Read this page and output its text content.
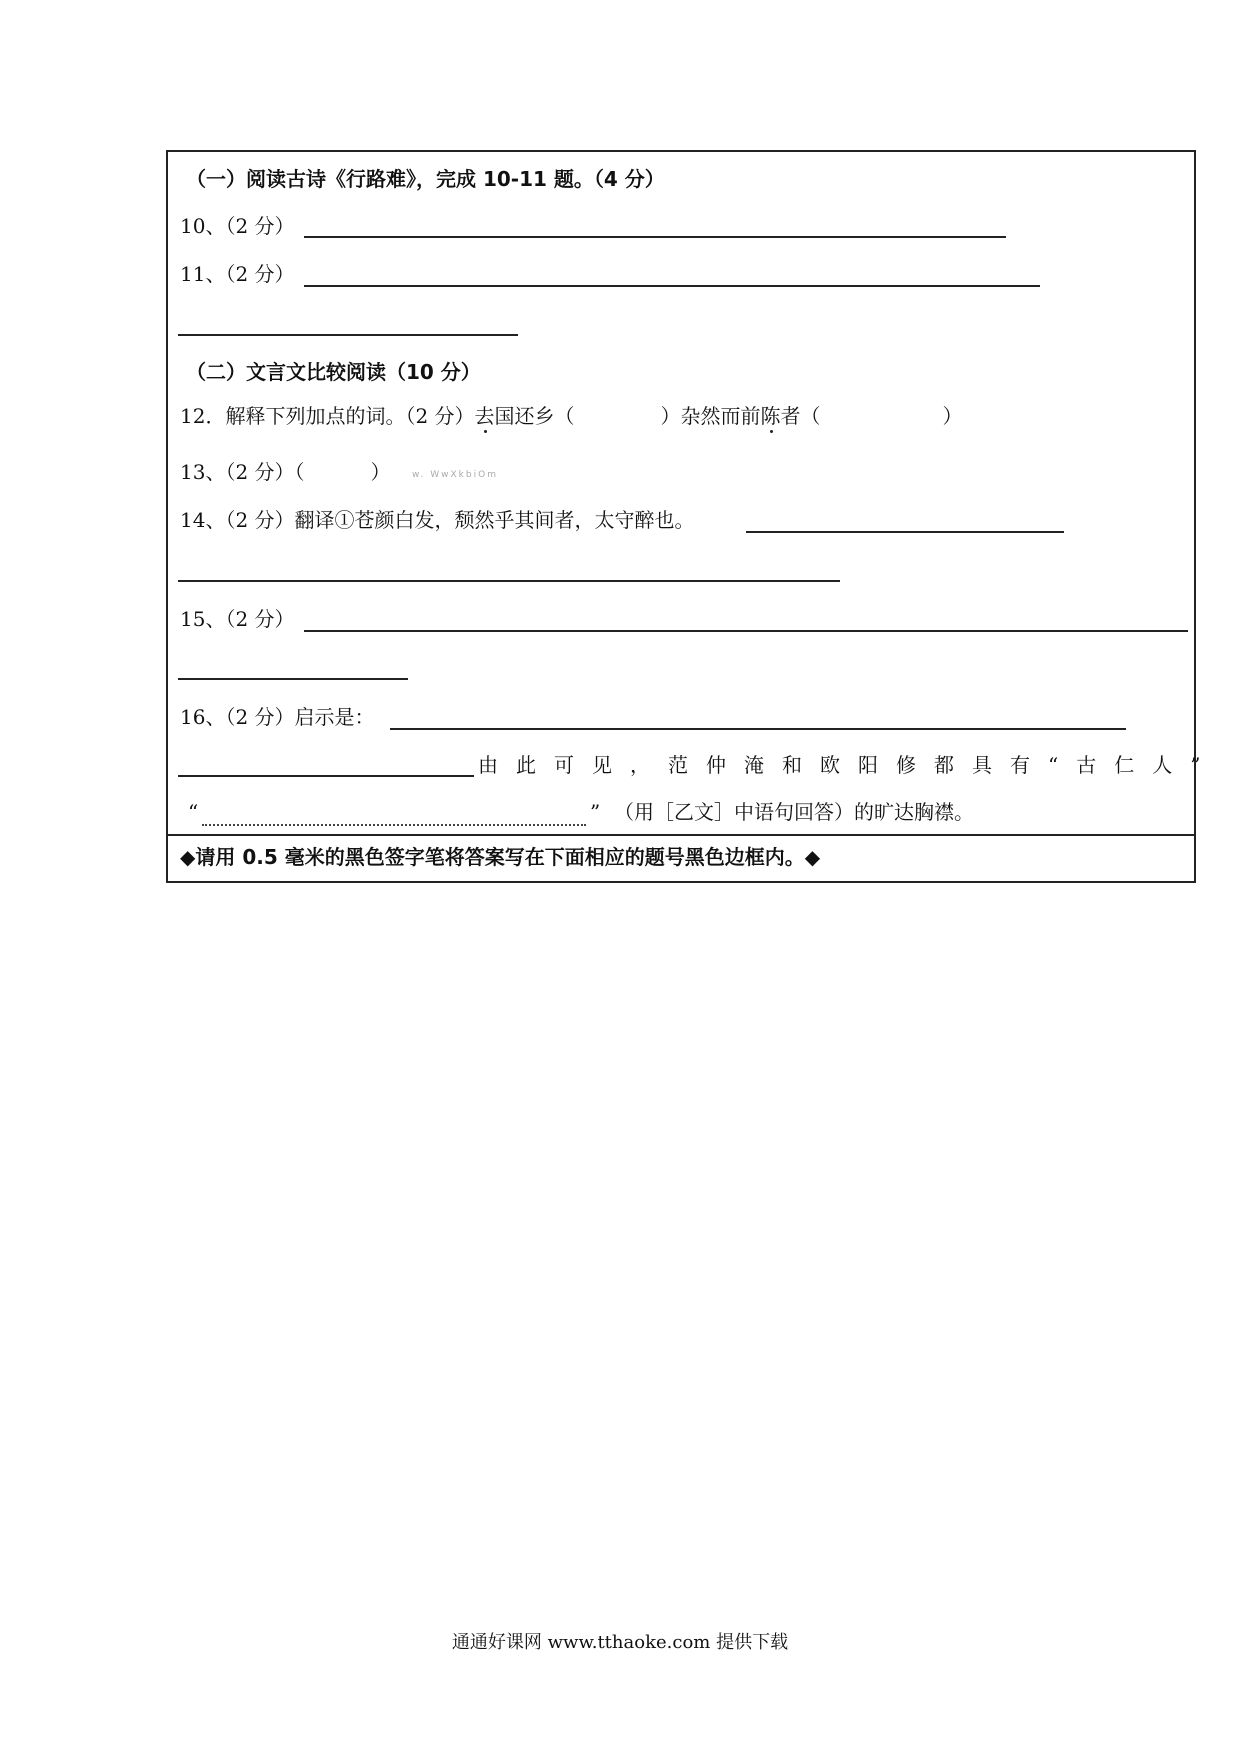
（一）阅读古诗《行路难》，完成 10-11 题。（4 分）
10、（2 分）
11、（2 分）
（二）文言文比较阅读（10 分）
12．解释下列加点的词。（2 分）去国还乡（	）杂然而前陈者（	）
13、（2 分）（	） w. WwXkbiOm
14、（2 分）翻译①苍颜白发，颓然乎其间者，太守醉也。
15、（2 分）
16、（2 分）启示是：
由此可见，范仲淹和欧阳修都具有“古仁人”
“	” （用［乙文］中语句回答）的旷达胸襟。
◆请用 0.5 毫米的黑色签字笔将答案写在下面相应的题号黑色边框内。◆
通通好课网 www.tthaoke.com 提供下载
